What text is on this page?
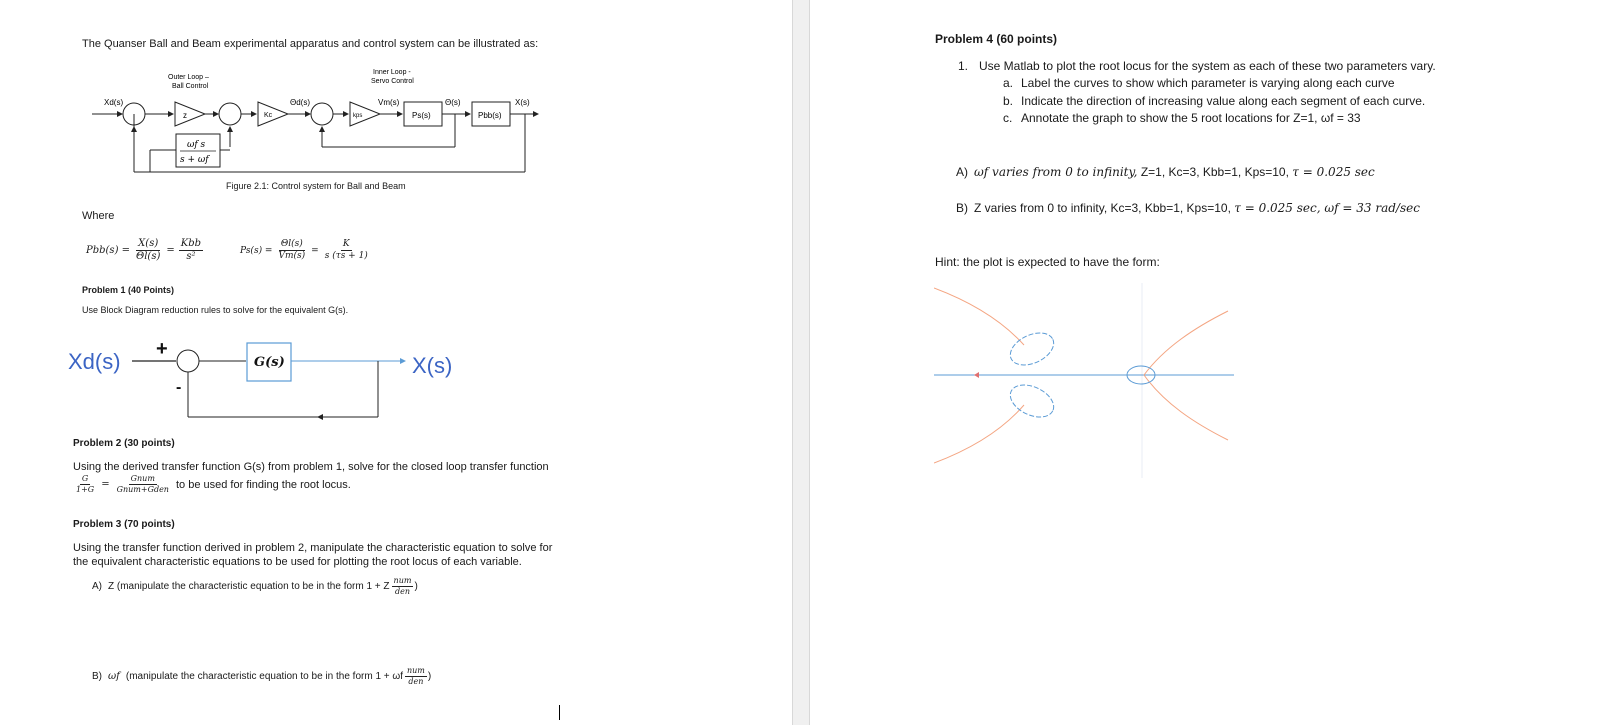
The Quanser Ball and Beam experimental apparatus and control system can be illustrated as:
Xd(s)
Outer Loop –
Ball Control
Inner Loop -
Servo Control
z	Kc
Θd(s)
kps
Vm(s)
Ps(s)
Θ(s)
Pbb(s)
X(s)
ωf s
s + ωf
Figure 2.1: Control system for Ball and Beam
Where
$Pbb(s) = \frac{X(s)}{\Theta l(s)} = \frac{\text{Kbb}}{\text{s²}}$	$Ps(s) = \frac{\Theta l(s)}{Vm(s)} = \frac{K}{s (\tau s + 1)}$
Problem 1 (40 Points)
Use Block Diagram reduction rules to solve for the equivalent G(s).
Xd(s) +
-
G(s)	X(s)
Problem 2 (30 points)
Using the derived transfer function G(s) from problem 1, solve for the closed loop transfer function
$\frac{G}{1+G} = \frac{\text{Gnum}}{\text{Gnum+Gden}}$ to be used for finding the root locus.
Problem 3 (70 points)
Using the transfer function derived in problem 2, manipulate the characteristic equation to solve for
the equivalent characteristic equations to be used for plotting the root locus of each variable.
A) Z (manipulate the characteristic equation to be in the form 1 + Z $\frac{\text{num}}{\text{den}}$ )
B) ωf (manipulate the characteristic equation to be in the form 1 + ωf $\frac{\text{num}}{\text{den}}$ )
Problem 4 (60 points)
1. Use Matlab to plot the root locus for the system as each of these two parameters vary.
a. Label the curves to show which parameter is varying along each curve
b. Indicate the direction of increasing value along each segment of each curve.
c. Annotate the graph to show the 5 root locations for Z=1, ωf = 33
A) ωf varies from 0 to infinity, Z=1, Kc=3, Kbb=1, Kps=10, τ = 0.025 sec
B) Z varies from 0 to infinity, Kc=3, Kbb=1, Kps=10, τ = 0.025 sec, ωf = 33 rad/sec
Hint: the plot is expected to have the form:
